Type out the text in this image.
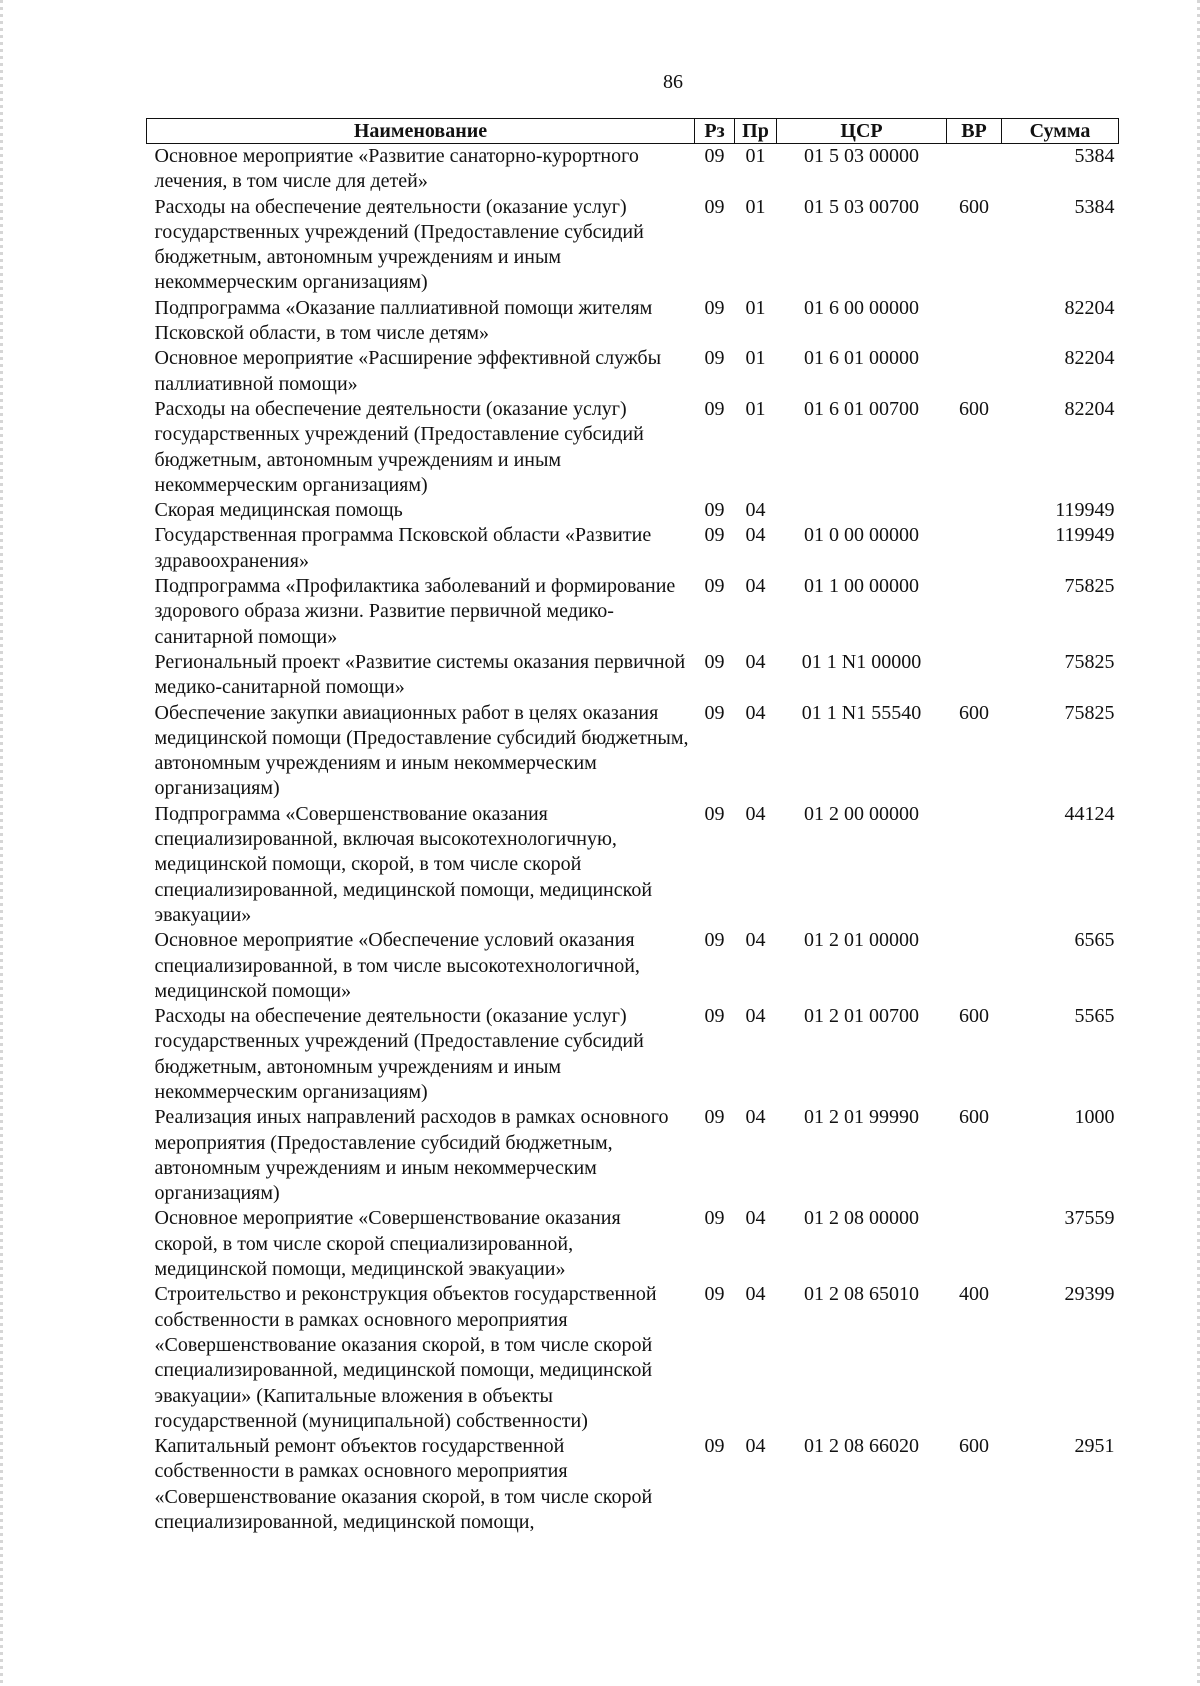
86
Наименование	Рз	Пр	ЦСР	ВР	Сумма
Основное мероприятие «Развитие санаторно-курортного лечения, в том числе для детей»	09	01	01 5 03 00000		5384
Расходы на обеспечение деятельности (оказание услуг) государственных учреждений (Предоставление субсидий бюджетным, автономным учреждениям и иным некоммерческим организациям)	09	01	01 5 03 00700	600	5384
Подпрограмма «Оказание паллиативной помощи жителям Псковской области, в том числе детям»	09	01	01 6 00 00000		82204
Основное мероприятие «Расширение эффективной службы паллиативной помощи»	09	01	01 6 01 00000		82204
Расходы на обеспечение деятельности (оказание услуг) государственных учреждений (Предоставление субсидий бюджетным, автономным учреждениям и иным некоммерческим организациям)	09	01	01 6 01 00700	600	82204
Скорая медицинская помощь	09	04			119949
Государственная программа Псковской области «Развитие здравоохранения»	09	04	01 0 00 00000		119949
Подпрограмма «Профилактика заболеваний и формирование здорового образа жизни. Развитие первичной медико-санитарной помощи»	09	04	01 1 00 00000		75825
Региональный проект «Развитие системы оказания первичной медико-санитарной помощи»	09	04	01 1 N1 00000		75825
Обеспечение закупки авиационных работ в целях оказания медицинской помощи (Предоставление субсидий бюджетным, автономным учреждениям и иным некоммерческим организациям)	09	04	01 1 N1 55540	600	75825
Подпрограмма «Совершенствование оказания специализированной, включая высокотехнологичную, медицинской помощи, скорой, в том числе скорой специализированной, медицинской помощи, медицинской эвакуации»	09	04	01 2 00 00000		44124
Основное мероприятие «Обеспечение условий оказания специализированной, в том числе высокотехнологичной, медицинской помощи»	09	04	01 2 01 00000		6565
Расходы на обеспечение деятельности (оказание услуг) государственных учреждений (Предоставление субсидий бюджетным, автономным учреждениям и иным некоммерческим организациям)	09	04	01 2 01 00700	600	5565
Реализация иных направлений расходов в рамках основного мероприятия (Предоставление субсидий бюджетным, автономным учреждениям и иным некоммерческим организациям)	09	04	01 2 01 99990	600	1000
Основное мероприятие «Совершенствование оказания скорой, в том числе скорой специализированной, медицинской помощи, медицинской эвакуации»	09	04	01 2 08 00000		37559
Строительство и реконструкция объектов государственной собственности в рамках основного мероприятия «Совершенствование оказания скорой, в том числе скорой специализированной, медицинской помощи, медицинской эвакуации» (Капитальные вложения в объекты государственной (муниципальной) собственности)	09	04	01 2 08 65010	400	29399
Капитальный ремонт объектов государственной собственности в рамках основного мероприятия «Совершенствование оказания скорой, в том числе скорой специализированной, медицинской помощи,	09	04	01 2 08 66020	600	2951
